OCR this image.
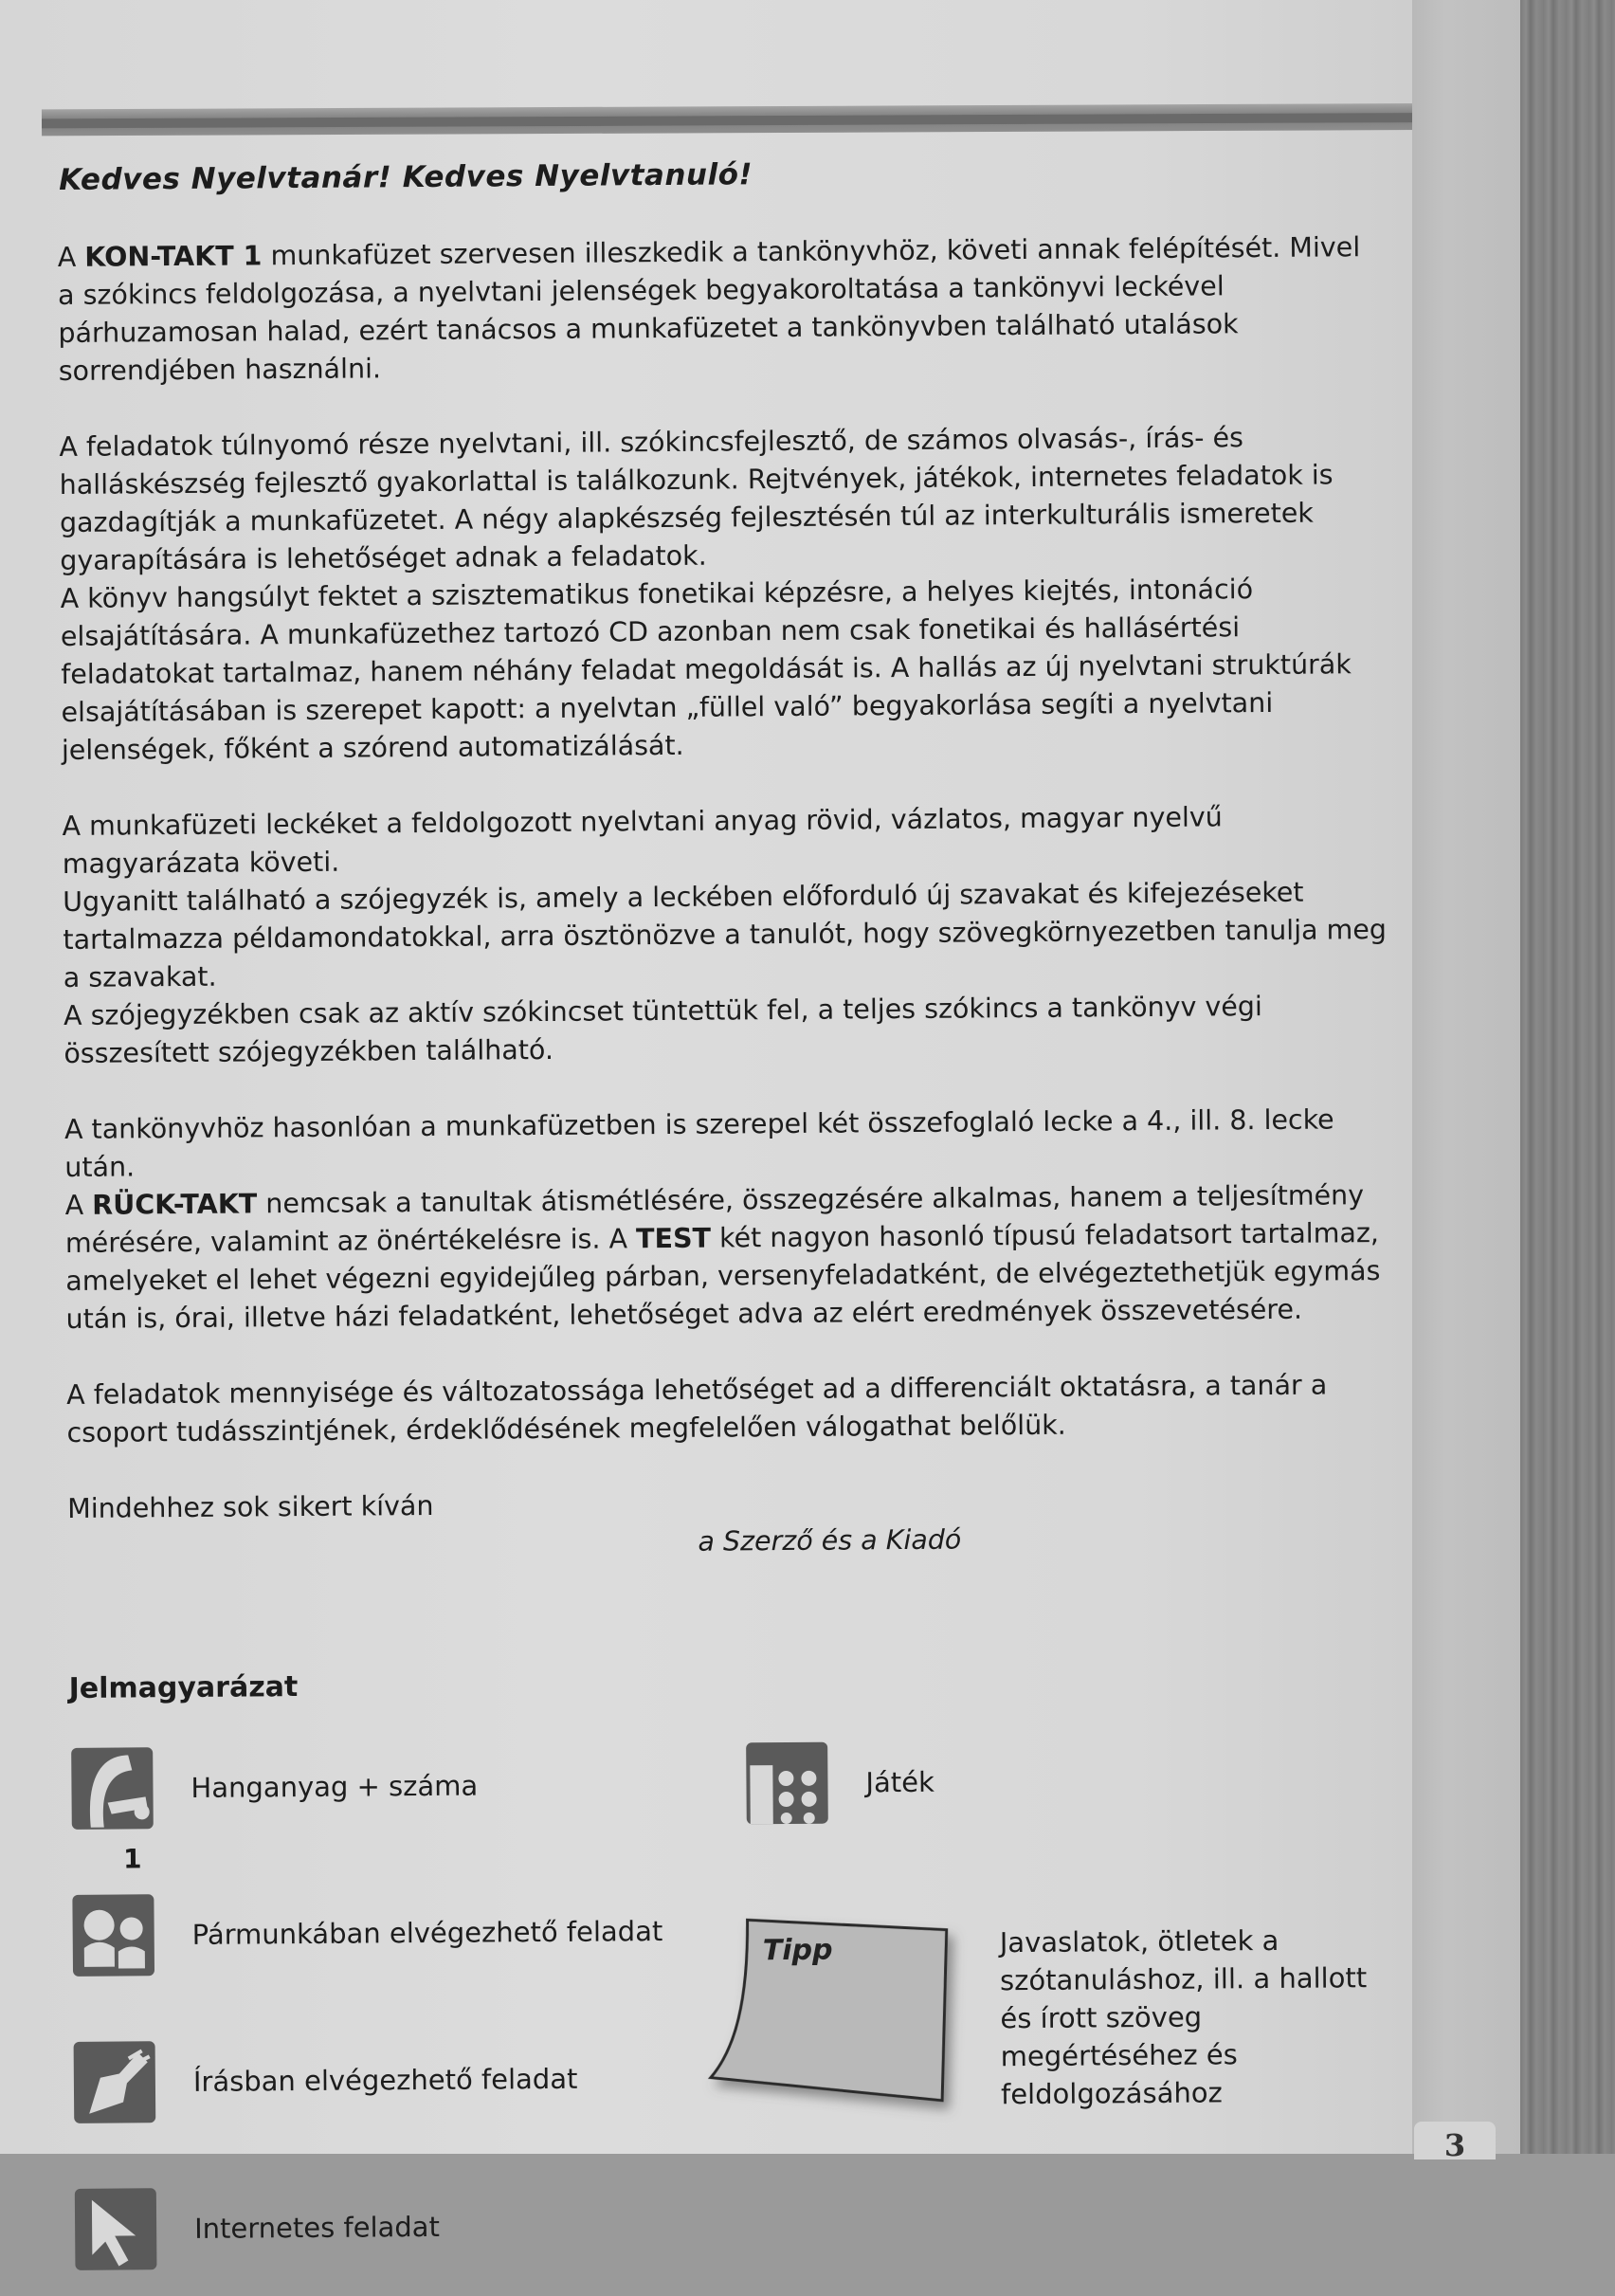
Kedves Nyelvtanár! Kedves Nyelvtanuló!

A KON-TAKT 1 munkafüzet szervesen illeszkedik a tankönyvhöz, követi annak felépítését. Mivel a szókincs feldolgozása, a nyelvtani jelenségek begyakoroltatása a tankönyvi leckével párhuzamosan halad, ezért tanácsos a munkafüzetet a tankönyvben található utalások sorrendjében használni.

A feladatok túlnyomó része nyelvtani, ill. szókincsfejlesztő, de számos olvasás-, írás- és halláskészség fejlesztő gyakorlattal is találkozunk. Rejtvények, játékok, internetes feladatok is gazdagítják a munkafüzetet. A négy alapkészség fejlesztésén túl az interkulturális ismeretek gyarapítására is lehetőséget adnak a feladatok.

A könyv hangsúlyt fektet a szisztematikus fonetikai képzésre, a helyes kiejtés, intonáció elsajátítására. A munkafüzethez tartozó CD azonban nem csak fonetikai és hallásértési feladatokat tartalmaz, hanem néhány feladat megoldását is. A hallás az új nyelvtani struktúrák elsajátításában is szerepet kapott: a nyelvtan „füllel való” begyakorlása segíti a nyelvtani jelenségek, főként a szórend automatizálását.

A munkafüzeti leckéket a feldolgozott nyelvtani anyag rövid, vázlatos, magyar nyelvű magyarázata követi.

Ugyanitt található a szójegyzék is, amely a leckében előforduló új szavakat és kifejezéseket tartalmazza példamondatokkal, arra ösztönözve a tanulót, hogy szövegkörnyezetben tanulja meg a szavakat.

A szójegyzékben csak az aktív szókincset tüntettük fel, a teljes szókincs a tankönyv végi összesített szójegyzékben található.

A tankönyvhöz hasonlóan a munkafüzetben is szerepel két összefoglaló lecke a 4., ill. 8. lecke után.

A RÜCK-TAKT nemcsak a tanultak átismétlésére, összegzésére alkalmas, hanem a teljesítmény mérésére, valamint az önértékelésre is. A TEST két nagyon hasonló típusú feladatsort tartalmaz, amelyeket el lehet végezni egyidejűleg párban, versenyfeladatként, de elvégeztethetjük egymás után is, órai, illetve házi feladatként, lehetőséget adva az elért eredmények összevetésére.

A feladatok mennyisége és változatossága lehetőséget ad a differenciált oktatásra, a tanár a csoport tudásszintjének, érdeklődésének megfelelően válogathat belőlük.

Mindehhez sok sikert kíván

a Szerző és a Kiadó

Jelmagyarázat
Hanganyag + száma
1
Pármunkában elvégezhető feladat
Írásban elvégezhető feladat
Internetes feladat
Játék
Tipp	Javaslatok, ötletek a szótanuláshoz, ill. a hallott és írott szöveg megértéséhez és feldolgozásához
3
